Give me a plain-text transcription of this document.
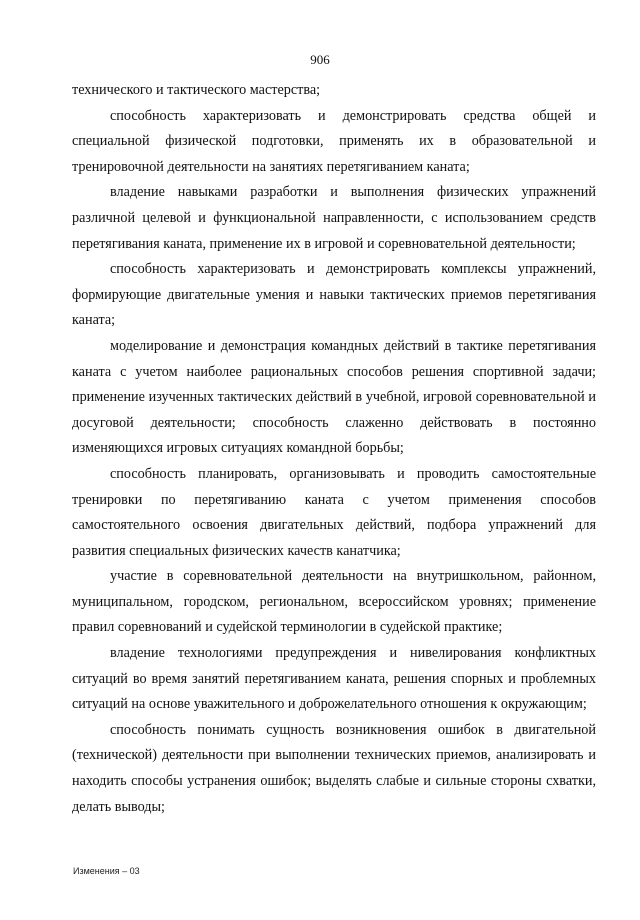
906

технического и тактического мастерства;

способность характеризовать и демонстрировать средства общей и специальной физической подготовки, применять их в образовательной и тренировочной деятельности на занятиях перетягиванием каната;

владение навыками разработки и выполнения физических упражнений различной целевой и функциональной направленности, с использованием средств перетягивания каната, применение их в игровой и соревновательной деятельности;

способность характеризовать и демонстрировать комплексы упражнений, формирующие двигательные умения и навыки тактических приемов перетягивания каната;

моделирование и демонстрация командных действий в тактике перетягивания каната с учетом наиболее рациональных способов решения спортивной задачи; применение изученных тактических действий в учебной, игровой соревновательной и досуговой деятельности; способность слаженно действовать в постоянно изменяющихся игровых ситуациях командной борьбы;

способность планировать, организовывать и проводить самостоятельные тренировки по перетягиванию каната с учетом применения способов самостоятельного освоения двигательных действий, подбора упражнений для развития специальных физических качеств канатчика;

участие в соревновательной деятельности на внутришкольном, районном, муниципальном, городском, региональном, всероссийском уровнях; применение правил соревнований и судейской терминологии в судейской практике;

владение технологиями предупреждения и нивелирования конфликтных ситуаций во время занятий перетягиванием каната, решения спорных и проблемных ситуаций на основе уважительного и доброжелательного отношения к окружающим;

способность понимать сущность возникновения ошибок в двигательной (технической) деятельности при выполнении технических приемов, анализировать и находить способы устранения ошибок; выделять слабые и сильные стороны схватки, делать выводы;

Изменения – 03
